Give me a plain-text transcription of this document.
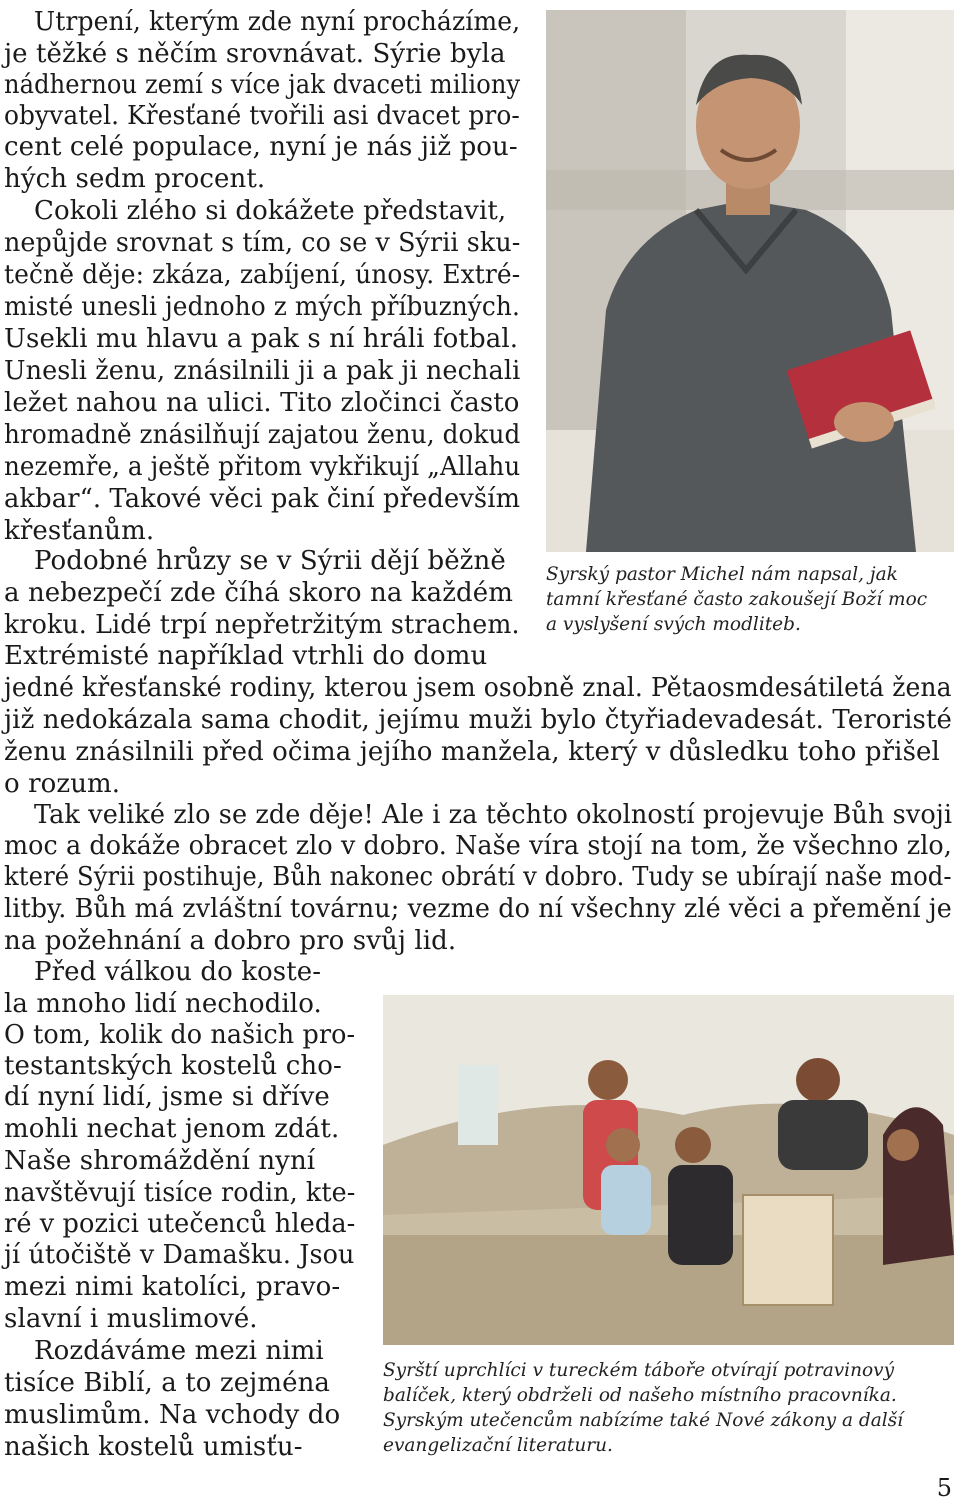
Syrský pastor Michel nám napsal, jak
tamní křesťané často zakoušejí Boží moc
a vyslyšení svých modliteb.
Syrští uprchlíci v tureckém táboře otvírají potravinový
balíček, který obdrželi od našeho místního pracovníka.
Syrským utečencům nabízíme také Nové zákony a další
evangelizační literaturu.
Utrpení, kterým zde nyní procházíme,
je těžké s něčím srovnávat. Sýrie byla
nádhernou zemí s více jak dvaceti miliony
obyvatel. Křesťané tvořili asi dvacet pro-
cent celé populace, nyní je nás již pou-
hých sedm procent.
Cokoli zlého si dokážete představit,
nepůjde srovnat s tím, co se v Sýrii sku-
tečně děje: zkáza, zabíjení, únosy. Extré-
misté unesli jednoho z mých příbuzných.
Usekli mu hlavu a pak s ní hráli fotbal.
Unesli ženu, znásilnili ji a pak ji nechali
ležet nahou na ulici. Tito zločinci často
hromadně znásilňují zajatou ženu, dokud
nezemře, a ještě přitom vykřikují „Allahu
akbar“. Takové věci pak činí především
křesťanům.
Podobné hrůzy se v Sýrii dějí běžně
a nebezpečí zde číhá skoro na každém
kroku. Lidé trpí nepřetržitým strachem.
Extrémisté například vtrhli do domu
jedné křesťanské rodiny, kterou jsem osobně znal. Pětaosmdesátiletá žena
již nedokázala sama chodit, jejímu muži bylo čtyřiadevadesát. Teroristé
ženu znásilnili před očima jejího manžela, který v důsledku toho přišel
o rozum.
Tak veliké zlo se zde děje! Ale i za těchto okolností projevuje Bůh svoji
moc a dokáže obracet zlo v dobro. Naše víra stojí na tom, že všechno zlo,
které Sýrii postihuje, Bůh nakonec obrátí v dobro. Tudy se ubírají naše mod-
litby. Bůh má zvláštní továrnu; vezme do ní všechny zlé věci a přemění je
na požehnání a dobro pro svůj lid.
Před válkou do koste-
la mnoho lidí nechodilo.
O tom, kolik do našich pro-
testantských kostelů cho-
dí nyní lidí, jsme si dříve
mohli nechat jenom zdát.
Naše shromáždění nyní
navštěvují tisíce rodin, kte-
ré v pozici utečenců hleda-
jí útočiště v Damašku. Jsou
mezi nimi katolíci, pravo-
slavní i muslimové.
Rozdáváme mezi nimi
tisíce Biblí, a to zejména
muslimům. Na vchody do
našich kostelů umisťu-
5
